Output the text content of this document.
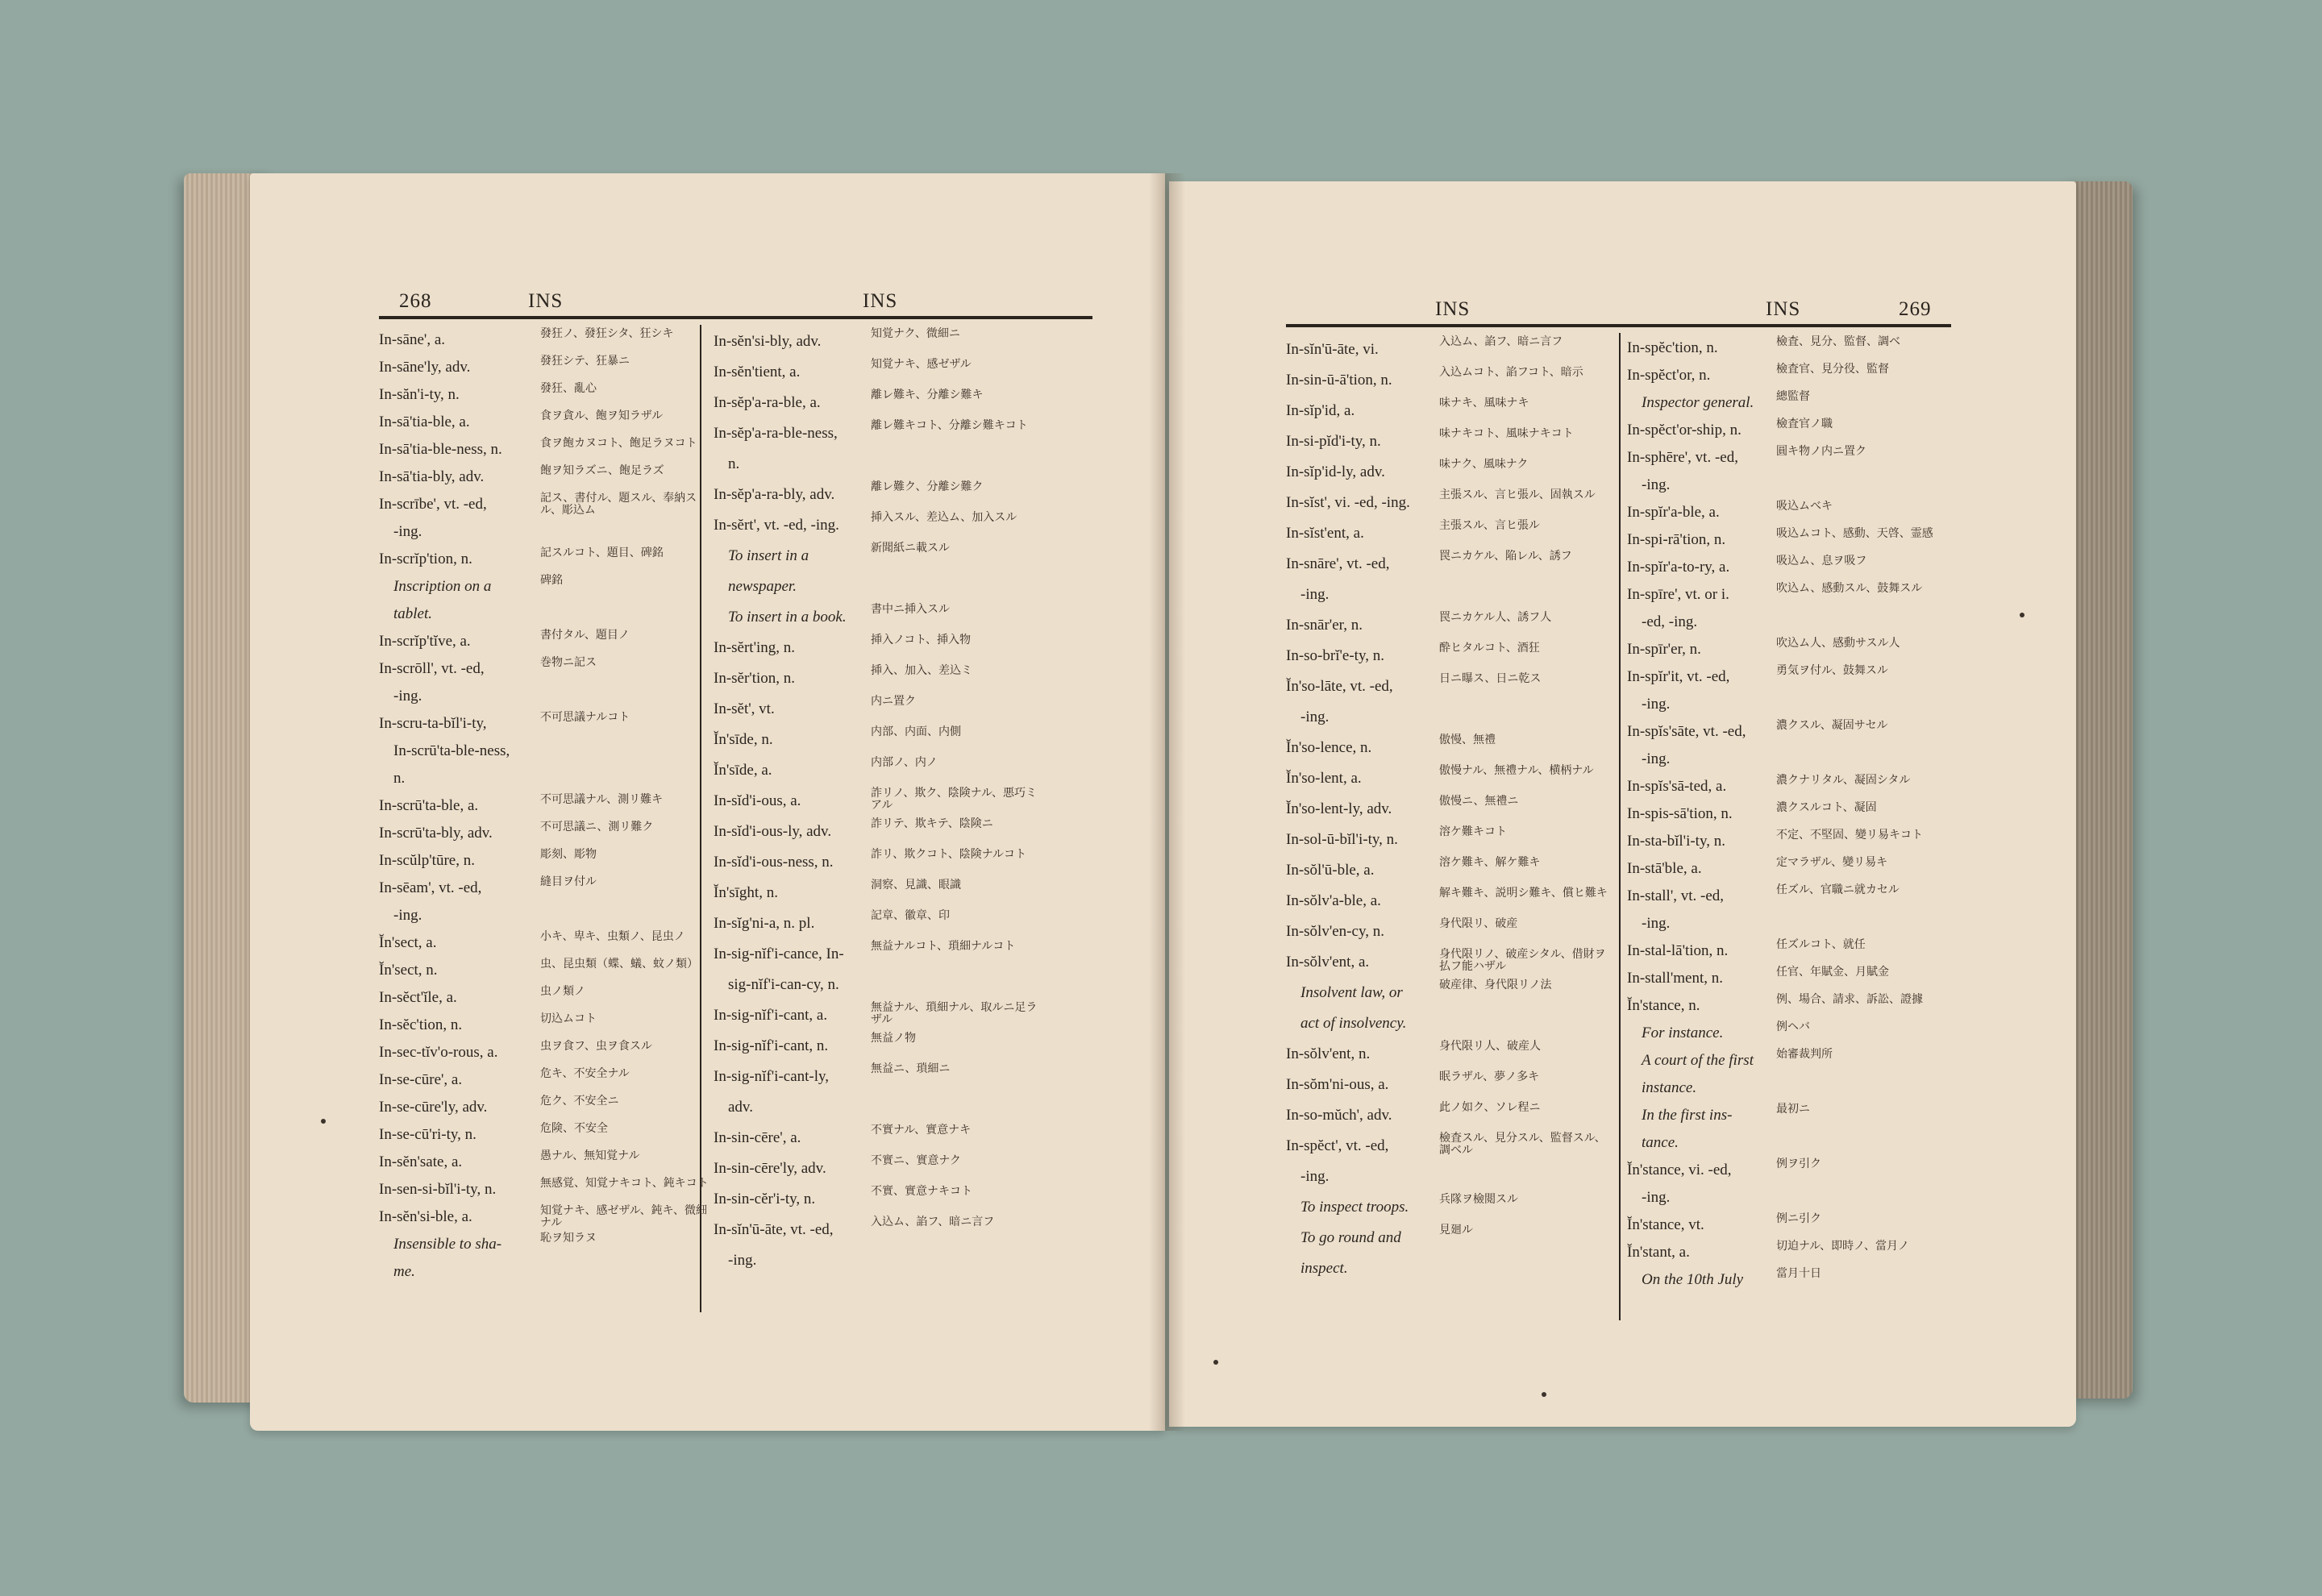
268	INS	INS
In-sāne', a.	發狂ノ、發狂シタ、狂シキ
In-sāne'ly, adv.	發狂シテ、狂暴ニ
In-săn'i-ty, n.	發狂、亂心
In-sā'tia-ble, a.	食ヲ貪ル、飽ヲ知ラザル
In-sā'tia-ble-ness, n.	食ヲ飽カヌコト、飽足ラヌコト
In-sā'tia-bly, adv.	飽ヲ知ラズニ、飽足ラズ
In-scrībe', vt. -ed,	記ス、書付ル、題スル、奉納スル、彫込ム
-ing.
In-scrĭp'tion, n.	記スルコト、題目、碑銘
Inscription on a	碑銘
tablet.
In-scrĭp'tĭve, a.	書付タル、題目ノ
In-scrōll', vt. -ed,	巻物ニ記ス
-ing.
In-scru-ta-bĭl'i-ty,	不可思議ナルコト
In-scrū'ta-ble-ness,
n.
In-scrū'ta-ble, a.	不可思議ナル、測リ難キ
In-scrū'ta-bly, adv.	不可思議ニ、測リ難ク
In-scŭlp'tūre, n.	彫刻、彫物
In-sēam', vt. -ed,	縫目ヲ付ル
-ing.
Ĭn'sect, a.	小キ、卑キ、虫類ノ、昆虫ノ
Ĭn'sect, n.	虫、昆虫類（蝶、蟻、蚊ノ類）
In-sĕct'ĭle, a.	虫ノ類ノ
In-sĕc'tion, n.	切込ムコト
In-sec-tĭv'o-rous, a.	虫ヲ食フ、虫ヲ食スル
In-se-cūre', a.	危キ、不安全ナル
In-se-cūre'ly, adv.	危ク、不安全ニ
In-se-cū'ri-ty, n.	危険、不安全
In-sĕn'sate, a.	愚ナル、無知覚ナル
In-sen-si-bĭl'i-ty, n.	無感覚、知覚ナキコト、鈍キコト
In-sĕn'si-ble, a.	知覚ナキ、感ゼザル、鈍キ、微細ナル
Insensible to sha-	恥ヲ知ラヌ
me.
In-sĕn'si-bly, adv.	知覚ナク、微細ニ
In-sĕn'tient, a.	知覚ナキ、感ゼザル
In-sĕp'a-ra-ble, a.	離レ難キ、分離シ難キ
In-sĕp'a-ra-ble-ness,	離レ難キコト、分離シ難キコト
n.
In-sĕp'a-ra-bly, adv.	離レ難ク、分離シ難ク
In-sĕrt', vt. -ed, -ing.	挿入スル、差込ム、加入スル
To insert in a	新聞紙ニ載スル
newspaper.
To insert in a book. 書中ニ挿入スル
In-sĕrt'ing, n.	挿入ノコト、挿入物
In-sĕr'tion, n.	挿入、加入、差込ミ
In-sĕt', vt.	内ニ置ク
Ĭn'sīde, n.	内部、内面、内側
Ĭn'sīde, a.	内部ノ、内ノ
In-sĭd'i-ous, a.	詐リノ、欺ク、陰険ナル、悪巧ミアル
In-sĭd'i-ous-ly, adv.	詐リテ、欺キテ、陰険ニ
In-sĭd'i-ous-ness, n.	詐リ、欺クコト、陰険ナルコト
Ĭn'sīght, n.	洞察、見識、眼識
In-sĭg'ni-a, n. pl.	記章、徽章、印
In-sig-nĭf'i-cance, In- 無益ナルコト、瑣細ナルコト
sig-nĭf'i-can-cy, n.
In-sig-nĭf'i-cant, a.	無益ナル、瑣細ナル、取ルニ足ラザル
In-sig-nĭf'i-cant, n.	無益ノ物
In-sig-nĭf'i-cant-ly,	無益ニ、瑣細ニ
adv.
In-sin-cēre', a.	不實ナル、實意ナキ
In-sin-cēre'ly, adv.	不實ニ、實意ナク
In-sin-cĕr'i-ty, n.	不實、實意ナキコト
In-sĭn'ū-āte, vt. -ed,	入込ム、諂フ、暗ニ言フ
-ing.
INS	INS	269
In-sĭn'ū-āte, vi.	入込ム、諂フ、暗ニ言フ
In-sin-ū-ā'tion, n.	入込ムコト、諂フコト、暗示
In-sĭp'id, a.	味ナキ、風味ナキ
In-si-pĭd'i-ty, n.	味ナキコト、風味ナキコト
In-sĭp'id-ly, adv.	味ナク、風味ナク
In-sĭst', vi. -ed, -ing.	主張スル、言ヒ張ル、固執スル
In-sĭst'ent, a.	主張スル、言ヒ張ル
In-snāre', vt. -ed,	罠ニカケル、陥レル、誘フ
-ing.
In-snār'er, n.	罠ニカケル人、誘フ人
In-so-brĭ'e-ty, n.	酔ヒタルコト、酒狂
Ĭn'so-lāte, vt. -ed,	日ニ曝ス、日ニ乾ス
-ing.
Ĭn'so-lence, n.	傲慢、無禮
Ĭn'so-lent, a.	傲慢ナル、無禮ナル、横柄ナル
Ĭn'so-lent-ly, adv.	傲慢ニ、無禮ニ
In-sol-ū-bĭl'i-ty, n.	溶ケ難キコト
In-sŏl'ū-ble, a.	溶ケ難キ、解ケ難キ
In-sŏlv'a-ble, a.	解キ難キ、説明シ難キ、償ヒ難キ
In-sŏlv'en-cy, n.	身代限リ、破産
In-sŏlv'ent, a.	身代限リノ、破産シタル、借財ヲ払フ能ハザル
Insolvent law, or	破産律、身代限リノ法
act of insolvency.
In-sŏlv'ent, n.	身代限リ人、破産人
In-sŏm'ni-ous, a.	眠ラザル、夢ノ多キ
In-so-mŭch', adv.	此ノ如ク、ソレ程ニ
In-spĕct', vt. -ed,	檢査スル、見分スル、監督スル、調ベル
-ing.
To inspect troops.	兵隊ヲ檢閲スル
To go round and	見廻ル
inspect.
In-spĕc'tion, n.	檢査、見分、監督、調ベ
In-spĕct'or, n.	檢査官、見分役、監督
Inspector general. 總監督
In-spĕct'or-ship, n.	檢査官ノ職
In-sphēre', vt. -ed,	圓キ物ノ内ニ置ク
-ing.
In-spĭr'a-ble, a.	吸込ムベキ
In-spi-rā'tion, n.	吸込ムコト、感動、天啓、霊感
In-spĭr'a-to-ry, a.	吸込ム、息ヲ吸フ
In-spīre', vt. or i.	吹込ム、感動スル、鼓舞スル
-ed, -ing.
In-spīr'er, n.	吹込ム人、感動サスル人
In-spĭr'it, vt. -ed,	勇気ヲ付ル、鼓舞スル
-ing.
In-spĭs'sāte, vt. -ed,	濃クスル、凝固サセル
-ing.
In-spĭs'sā-ted, a.	濃クナリタル、凝固シタル
In-spis-sā'tion, n.	濃クスルコト、凝固
In-sta-bĭl'i-ty, n.	不定、不堅固、變リ易キコト
In-stā'ble, a.	定マラザル、變リ易キ
In-stall', vt. -ed,	任ズル、官職ニ就カセル
-ing.
In-stal-lā'tion, n.	任ズルコト、就任
In-stall'ment, n.	任官、年賦金、月賦金
Ĭn'stance, n.	例、場合、請求、訴訟、證據
For instance.	例ヘバ
A court of the first 始審裁判所
instance.
In the first ins-	最初ニ
tance.
Ĭn'stance, vi. -ed,	例ヲ引ク
-ing.
Ĭn'stance, vt.	例ニ引ク
Ĭn'stant, a.	切迫ナル、即時ノ、當月ノ
On the 10th July	當月十日
